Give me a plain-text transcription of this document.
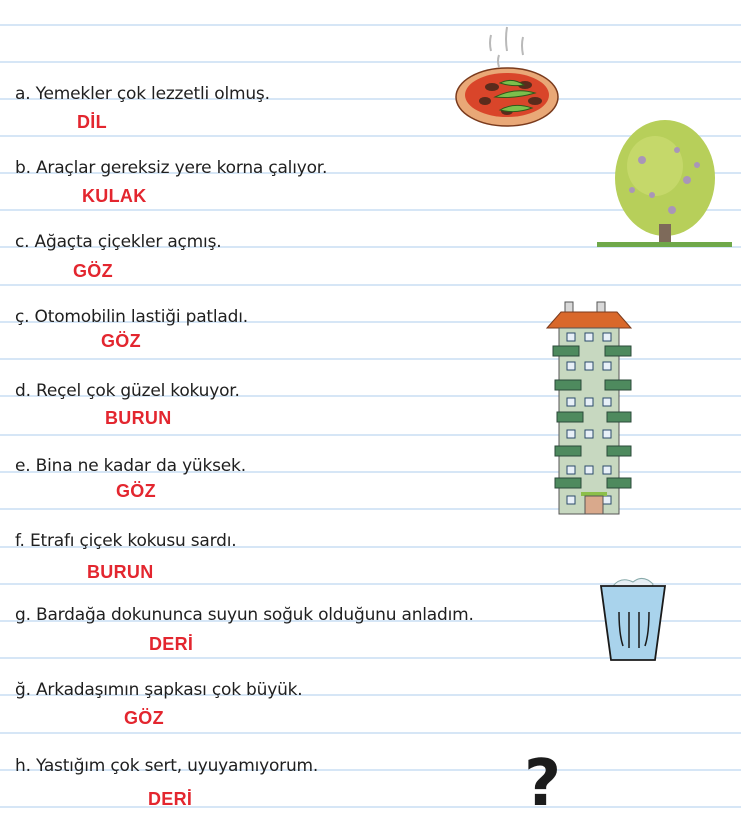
a. Yemekler çok lezzetli olmuş.
DİL
b. Araçlar gereksiz yere korna çalıyor.
KULAK
c. Ağaçta çiçekler açmış.
GÖZ
ç. Otomobilin lastiği patladı.
GÖZ
d. Reçel çok güzel kokuyor.
BURUN
e. Bina ne kadar da yüksek.
GÖZ
f. Etrafı çiçek kokusu sardı.
BURUN
g. Bardağa dokununca suyun soğuk olduğunu anladım.
DERİ
ğ. Arkadaşımın şapkası çok büyük.
GÖZ
h. Yastığım çok sert, uyuyamıyorum.
DERİ	?
